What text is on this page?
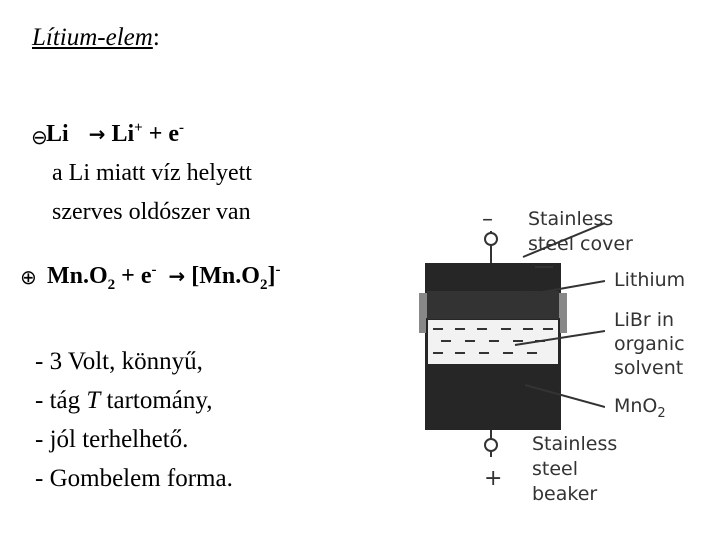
Lítium-elem:
⊖
Li → Li+ + e-
a Li miatt víz helyett
szerves oldószer van
⊕ $Mn.O_2 + e^- \to [Mn.O_2]^-$
- 3 Volt, könnyű,
- tág T tartomány,
- jól terhelhető.
- Gombelem forma.
–
+
Stainless
steel cover
Lithium
LiBr in
organic
solvent
MnO$_2$
Stainless
steel
beaker
